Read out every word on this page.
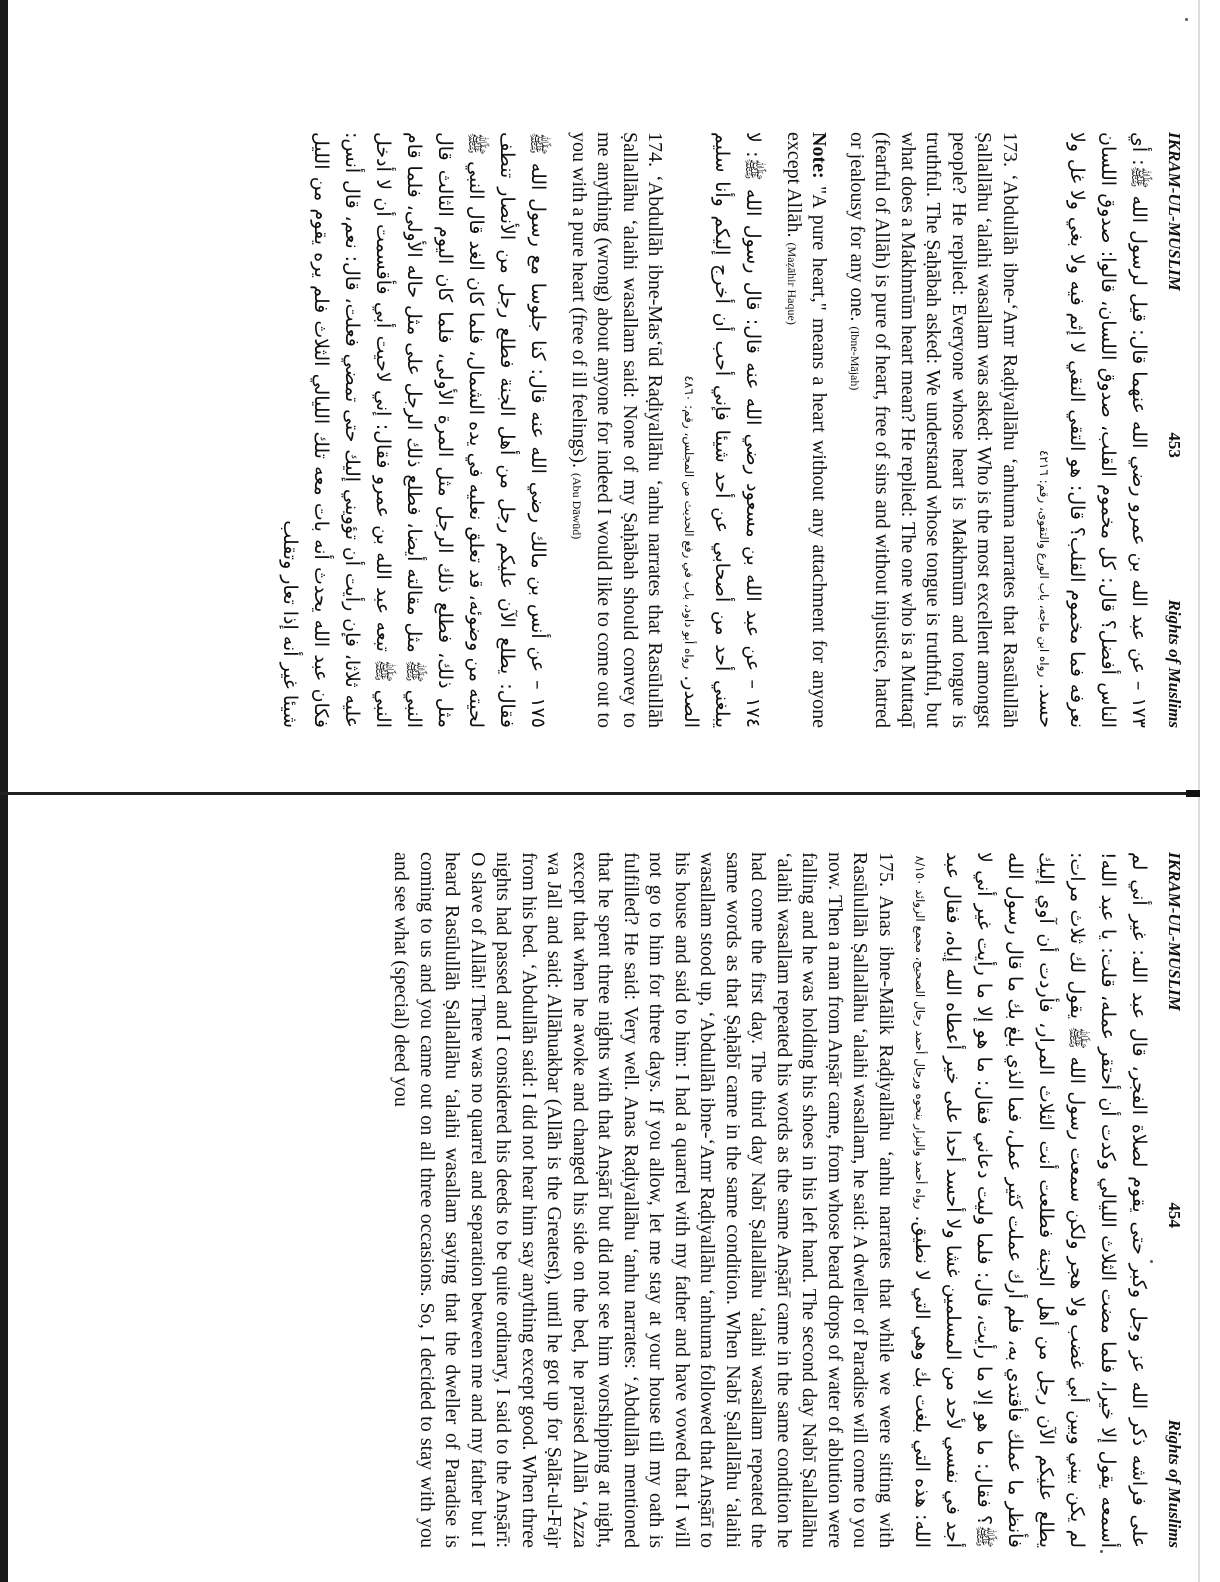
IKRAM-UL-MUSLIM
453
Rights of Muslims
١٧٣ – عن عبد الله بن عمرو رضي الله عنهما قال: قيل لرسول الله ﷺ: أي الناس أفضل؟ قال: كل مخموم القلب، صدوق اللسان، قالوا: صدوق اللسان نعرفه فما مخموم القلب؟ قال: هو التقي النقي لا إثم فيه ولا بغي ولا غل ولا حسد. رواه ابن ماجه، باب الورع والتقوى، رقم: ٤٢١٦

173. ‘Abdullāh ibne-‘Amr Raḍiyallāhu ‘anhuma narrates that Rasūlullāh Ṣallallāhu ‘alaihi wasallam was asked: Who is the most excellent amongst people? He replied: Everyone whose heart is Makhmūm and tongue is truthful. The Ṣaḥābah asked: We understand whose tongue is truthful, but what does a Makhmūm heart mean? He replied: The one who is a Muttaqī (fearful of Allāh) is pure of heart, free of sins and without injustice, hatred or jealousy for any one. (Ibne-Mājah)

Note: "A pure heart," means a heart without any attachment for anyone except Allāh. (Maẓāhir Haque)

١٧٤ – عن عبد الله بن مسعود رضي الله عنه قال: قال رسول الله ﷺ: لا يبلغني أحد من أصحابي عن أحد شيئا فإني أحب أن أخرج إليكم وأنا سليم الصدر. رواه أبو داود، باب في رفع الحديث من المجلس، رقم: ٤٨٦٠

174. ‘Abdullāh ibne-Mas‘ūd Raḍiyallāhu ‘anhu narrates that Rasūlullāh Ṣallallāhu ‘alaihi wasallam said: None of my Ṣaḥābah should convey to me anything (wrong) about anyone for indeed I would like to come out to you with a pure heart (free of ill feelings). (Abu Dāwūd)

١٧٥ – عن أنس بن مالك رضي الله عنه قال: كنا جلوسا مع رسول الله ﷺ فقال: يطلع الآن عليكم رجل من أهل الجنة فطلع رجل من الأنصار تنطف لحيته من وضوئه، قد تعلق نعليه في يده الشمال، فلما كان الغد قال النبي ﷺ مثل ذلك، فطلع ذلك الرجل مثل المرة الأولى، فلما كان اليوم الثالث قال النبي ﷺ مثل مقالته أيضا، فطلع ذلك الرجل على مثل حاله الأولى، فلما قام النبي ﷺ تبعه عبد الله بن عمرو فقال: إني لاحيت أبي فأقسمت أن لا أدخل عليه ثلاثا، فإن رأيت أن تؤويني إليك حتى تمضي فعلت، قال: نعم، قال أنس: فكان عبد الله يحدث أنه بات معه تلك الليالي الثلاث فلم يره يقوم من الليل شيئا غير أنه إذا تعار وتقلب
IKRAM-UL-MUSLIM
454
Rights of Muslims
على فراشه ذكر الله عز وجل وكبر حتى يقوم لصلاة الفجر، قال عبد الله: غير أني لم أسمعه يقول إلا خيرا، فلما مضت الثلاث الليالي وكدت أن أحتقر عمله، قلت: يا عبد الله! لم يكن بيني وبين أبي غضب ولا هجر ولكن سمعت رسول الله ﷺ يقول لك ثلاث مرات: يطلع عليكم الآن رجل من أهل الجنة فطلعت أنت الثلاث المرار، فأردت أن آوي إليك فأنظر ما عملك فأقتدي به، فلم أرك عملت كثير عمل، فما الذي بلغ بك ما قال رسول الله ﷺ؟ فقال: ما هو إلا ما رأيت، قال: فلما وليت دعاني فقال: ما هو إلا ما رأيت غير أني لا أجد في نفسي لأحد من المسلمين غشا ولا أحسد أحدا على خير أعطاه الله إياه، فقال عبد الله: هذه التي بلغت بك وهي التي لا نطيق. رواه أحمد والبزار بنحوه ورجال أحمد رجال الصحيح، مجمع الزوائد ٨/١٥٠

175. Anas ibne-Mālik Raḍiyallāhu ‘anhu narrates that while we were sitting with Rasūlullāh Ṣallallāhu ‘alaihi wasallam, he said: A dweller of Paradise will come to you now. Then a man from Anṣār came, from whose beard drops of water of ablution were falling and he was holding his shoes in his left hand. The second day Nabī Ṣallallāhu ‘alaihi wasallam repeated his words as the same Anṣārī came in the same condition he had come the first day. The third day Nabī Ṣallallāhu ‘alaihi wasallam repeated the same words as that Ṣaḥābī came in the same condition. When Nabī Ṣallallāhu ‘alaihi wasallam stood up, ‘Abdullāh ibne-‘Amr Raḍiyallāhu ‘anhuma followed that Anṣārī to his house and said to him: I had a quarrel with my father and have vowed that I will not go to him for three days. If you allow, let me stay at your house till my oath is fulfilled? He said: Very well. Anas Raḍiyallāhu ‘anhu narrates: ‘Abdullāh mentioned that he spent three nights with that Anṣārī but did not see him worshipping at night, except that when he awoke and changed his side on the bed, he praised Allāh ‘Azza wa Jall and said: Allāhuakbar (Allāh is the Greatest), until he got up for Ṣalāt-ul-Fajr from his bed. ‘Abdullāh said: I did not hear him say anything except good. When three nights had passed and I considered his deeds to be quite ordinary, I said to the Anṣārī: O slave of Allāh! There was no quarrel and separation between me and my father but I heard Rasūlullāh Ṣallallāhu ‘alaihi wasallam saying that the dweller of Paradise is coming to us and you came out on all three occasions. So, I decided to stay with you and see what (special) deed you
